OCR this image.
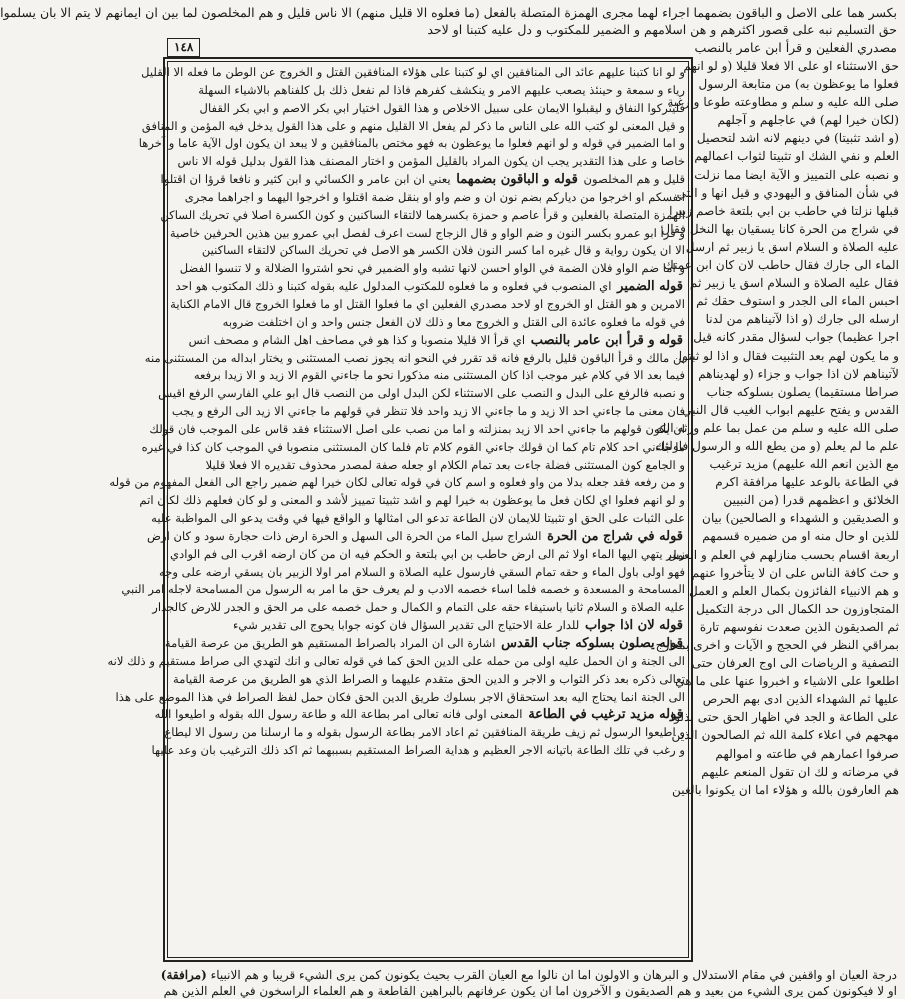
بكسر هما على الاصل و الباقون بضمهما اجراء لهما مجرى الهمزة المتصلة بالفعل (ما فعلوه الا قليل منهم) الا ناس قليل و هم المخلصون لما بين ان ايمانهم لا يتم الا بان يسلموا

حق التسليم نبه على قصور اكثرهم و هن اسلامهم و الضمير للمكتوب و دل عليه كتبنا او لاحد

مصدري الفعلين و قرأ ابن عامر بالنصب
١٤٨

و لو انا كتبنا عليهم عائد الى المنافقين اي لو كتبنا على هؤلاء المنافقين القتل و الخروج عن الوطن ما فعله الا القليل

رياء و سمعة و حينئذ يصعب عليهم الامر و ينكشف كفرهم فاذا لم نفعل ذلك بل كلفناهم بالاشياء السهلة

فليتركوا النفاق و ليقبلوا الايمان على سبيل الاخلاص و هذا القول اختيار ابي بكر الاصم و ابي بكر القفال

و قيل المعنى لو كتب الله على الناس ما ذكر لم يفعل الا القليل منهم و على هذا القول يدخل فيه المؤمن و المنافق

و اما الضمير في قوله و لو انهم فعلوا ما يوعظون به فهو مختص بالمنافقين و لا يبعد ان يكون اول الآية عاما و آخرها

خاصا و على هذا التقدير يجب ان يكون المراد بالقليل المؤمن و اختار المصنف هذا القول بدليل قوله الا ناس

قليل و هم المخلصون قوله و الباقون بضمهما يعني ان ابن عامر و الكسائي و ابن كثير و نافعا قرؤا ان اقتلوا

انفسكم او اخرجوا من دياركم بضم نون ان و ضم واو او بنقل ضمة اقتلوا و اخرجوا اليهما و اجراهما مجرى

الهمزة المتصلة بالفعلين و قرأ عاصم و حمزة بكسرهما لالتقاء الساكنين و كون الكسرة اصلا في تحريك الساكن

و قرأ ابو عمرو بكسر النون و ضم الواو و قال الزجاج لست اعرف لفصل ابي عمرو بين هذين الحرفين خاصية

الا ان يكون رواية و قال غيره اما كسر النون فلان الكسر هو الاصل في تحريك الساكن لالتقاء الساكنين

و اما ضم الواو فلان الضمة في الواو احسن لانها تشبه واو الضمير في نحو اشتروا الضلالة و لا تنسوا الفضل

قوله الضمير اي المنصوب في فعلوه و ما فعلوه للمكتوب المدلول عليه بقوله كتبنا و ذلك المكتوب هو احد

الامرين و هو القتل او الخروج او لاحد مصدري الفعلين اي ما فعلوا القتل او ما فعلوا الخروج قال الامام الكناية

في قوله ما فعلوه عائدة الى القتل و الخروج معا و ذلك لان الفعل جنس واحد و ان اختلفت ضروبه

قوله و قرأ ابن عامر بالنصب اي قرأ الا قليلا منصوبا و كذا هو في مصاحف اهل الشام و مصحف انس

بن مالك و قرأ الباقون قليل بالرفع فانه قد تقرر في النحو انه يجوز نصب المستثنى و يختار ابداله من المستثنى منه

فيما بعد الا في كلام غير موجب اذا كان المستثنى منه مذكورا نحو ما جاءني القوم الا زيد و الا زيدا برفعه

و نصبه فالرفع على البدل و النصب على الاستثناء لكن البدل اولى من النصب قال ابو علي الفارسي الرفع اقيس

فان معنى ما جاءني احد الا زيد و ما جاءني الا زيد واحد فلا تنظر في قولهم ما جاءني الا زيد الى الرفع و يجب

ان يكون قولهم ما جاءني احد الا زيد بمنزلته و اما من نصب على اصل الاستثناء فقد قاس على الموجب فان قولك

ما جاءني احد كلام تام كما ان قولك جاءني القوم كلام تام فلما كان المستثنى منصوبا في الموجب كان كذا في غيره

و الجامع كون المستثنى فضلة جاءت بعد تمام الكلام او جعله صفة لمصدر محذوف تقديره الا فعلا قليلا

و من رفعه فقد جعله بدلا من واو فعلوه و اسم كان في قوله تعالى لكان خيرا لهم ضمير راجع الى الفعل المفهوم من قوله

و لو انهم فعلوا اي لكان فعل ما يوعظون به خيرا لهم و اشد تثبيتا تمييز لأشد و المعنى و لو كان فعلهم ذلك لكان اتم

على الثبات على الحق او تثبيتا للايمان لان الطاعة تدعو الى امثالها و الواقع فيها في وقت يدعو الى المواظبة عليه

قوله في شراج من الحرة الشراج سيل الماء من الحرة الى السهل و الحرة ارض ذات حجارة سود و كان ارض

زبير يتهي اليها الماء اولا ثم الى ارض حاطب بن ابي بلتعة و الحكم فيه ان من كان ارضه اقرب الى فم الوادي

فهو اولى باول الماء و حقه تمام السقي فارسول عليه الصلاة و السلام امر اولا الزبير بان يسقي ارضه على وجه

المسامحة و المسعدة و خصمه فلما اساء خصمه الادب و لم يعرف حق ما امر به الرسول من المسامحة لاجله امر النبي

عليه الصلاة و السلام ثانيا باستيفاء حقه على التمام و الكمال و حمل خصمه على مر الحق و الجدر للارض كالجدار

قوله لان اذا جواب للدار علة الاحتياج الى تقدير السؤال فان كونه جوابا يحوج الى تقدير شيء

قوله يصلون بسلوكه جناب القدس اشارة الى ان المراد بالصراط المستقيم هو الطريق من عرصة القيامة

الى الجنة و ان الحمل عليه اولى من حمله على الدين الحق كما في قوله تعالى و انك لتهدي الى صراط مستقيم و ذلك لانه

تعالى ذكره بعد ذكر الثواب و الاجر و الدين الحق متقدم عليهما و الصراط الذي هو الطريق من عرصة القيامة

الى الجنة انما يحتاج اليه بعد استحقاق الاجر بسلوك طريق الدين الحق فكان حمل لفظ الصراط في هذا الموضع على هذا

قوله مزيد ترغيب في الطاعة المعنى اولى فانه تعالى امر بطاعة الله و طاعة رسول الله بقوله و اطيعوا الله

و اطيعوا الرسول ثم زيف طريقة المنافقين ثم اعاد الامر بطاعة الرسول بقوله و ما ارسلنا من رسول الا ليطاع

و رغب في تلك الطاعة باتيانه الاجر العظيم و هداية الصراط المستقيم بسببهما ثم اكد ذلك الترغيب بان وعد عليها

حق الاستثناء او على الا فعلا قليلا (و لو انهم

فعلوا ما يوعظون به) من متابعة الرسول

صلى الله عليه و سلم و مطاوعته طوعا و رغبة

(لكان خيرا لهم) في عاجلهم و آجلهم

(و اشد تثبيتا) في دينهم لانه اشد لتحصيل

العلم و نفي الشك او تثبيتا لثواب اعمالهم

و نصبه على التمييز و الآية ايضا مما نزلت

في شأن المنافق و اليهودي و قيل انها و التي

قبلها نزلتا في حاطب بن ابي بلتعة خاصم زبيرا

في شراج من الحرة كانا يسقيان بها النخل فقال

عليه الصلاة و السلام اسق يا زبير ثم ارسل

الماء الى جارك فقال حاطب لان كان ابن عمتك

فقال عليه الصلاة و السلام اسق يا زبير ثم

احبس الماء الى الجدر و استوف حقك ثم

ارسله الى جارك (و اذا لآتيناهم من لدنا

اجرا عظيما) جواب لسؤال مقدر كانه قيل

و ما يكون لهم بعد التثبيت فقال و اذا لو ثبتوا

لآتيناهم لان اذا جواب و جزاء (و لهديناهم

صراطا مستقيما) يصلون بسلوكه جناب

القدس و يفتح عليهم ابواب الغيب قال النبي

صلى الله عليه و سلم من عمل بما علم ورثه الله

علم ما لم يعلم (و من يطع الله و الرسول فاولئك

مع الذين انعم الله عليهم) مزيد ترغيب

في الطاعة بالوعد عليها مرافقة اكرم

الخلائق و اعظمهم قدرا (من النبيين

و الصديقين و الشهداء و الصالحين) بيان

للذين او حال منه او من ضميره قسمهم

اربعة اقسام بحسب منازلهم في العلم و العمل

و حث كافة الناس على ان لا يتأخروا عنهم

و هم الانبياء الفائزون بكمال العلم و العمل

المتجاوزون حد الكمال الى درجة التكميل

ثم الصديقون الذين صعدت نفوسهم تارة

بمراقي النظر في الحجج و الآيات و اخرى بمعارج

التصفية و الرياضات الى اوج العرفان حتى

اطلعوا على الاشياء و اخبروا عنها على ما هي

عليها ثم الشهداء الذين ادى بهم الحرص

على الطاعة و الجد في اظهار الحق حتى بذلوا

مهجهم في اعلاء كلمة الله ثم الصالحون الذين

صرفوا اعمارهم في طاعته و اموالهم

في مرضاته و لك ان تقول المنعم عليهم

هم العارفون بالله و هؤلاء اما ان يكونوا بالغين

درجة العيان او واقفين في مقام الاستدلال و البرهان و الاولون اما ان نالوا مع العيان القرب بحيث يكونون كمن يرى الشيء قريبا و هم الانبياء (مرافقة)

او لا فيكونون كمن يرى الشيء من بعيد و هم الصديقون و الآخرون اما ان يكون عرفانهم بالبراهين القاطعة و هم العلماء الراسخون في العلم الذين هم
